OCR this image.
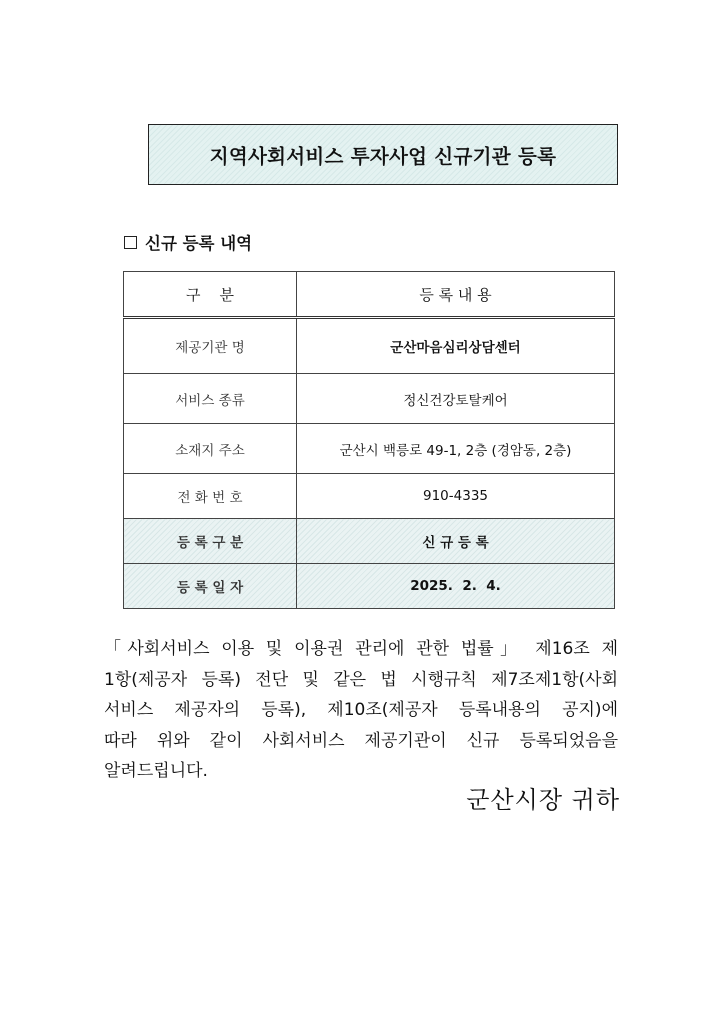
지역사회서비스 투자사업 신규기관 등록
신규 등록 내역
구    분	등 록 내 용
제공기관 명	군산마음심리상담센터
서비스 종류	정신건강토탈케어
소재지 주소	군산시 백릉로 49-1, 2층 (경암동, 2층)
전 화 번 호	910-4335
등 록 구 분	신 규 등 록
등 록 일 자	2025.  2.  4.
「사회서비스 이용 및 이용권 관리에 관한 법률」 제16조 제
1항(제공자 등록) 전단 및 같은 법 시행규칙 제7조제1항(사회
서비스 제공자의 등록), 제10조(제공자 등록내용의 공지)에
따라 위와 같이 사회서비스 제공기관이 신규 등록되었음을
알려드립니다.
군산시장 귀하
